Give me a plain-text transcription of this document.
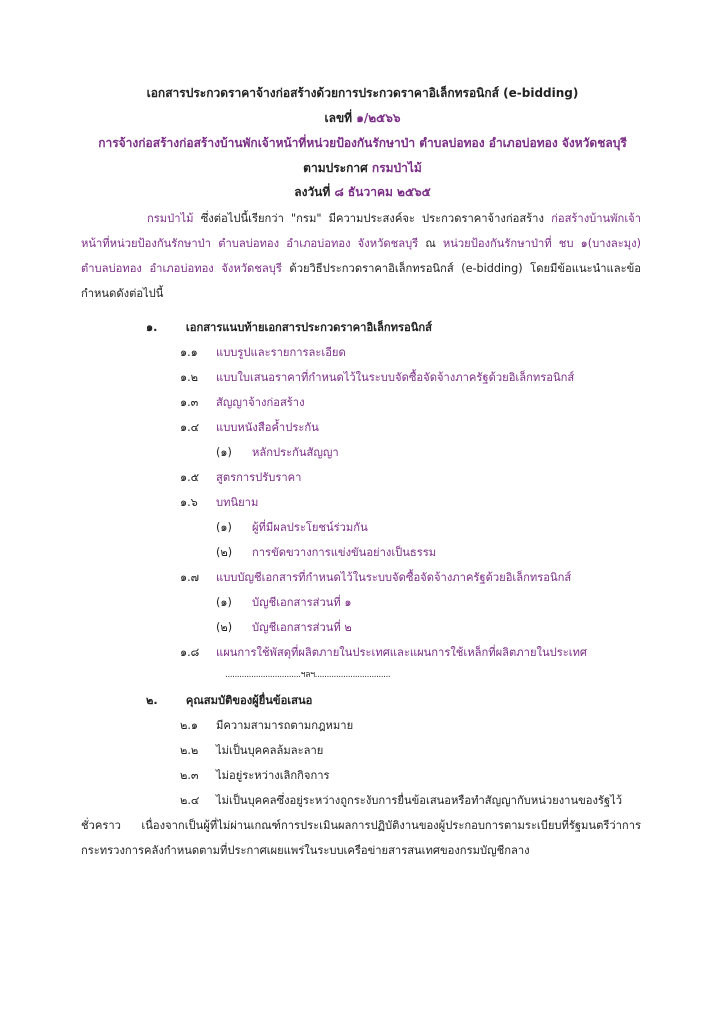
เอกสารประกวดราคาจ้างก่อสร้างด้วยการประกวดราคาอิเล็กทรอนิกส์ (e-bidding)
เลขที่ ๑/๒๕๖๖
การจ้างก่อสร้างก่อสร้างบ้านพักเจ้าหน้าที่หน่วยป้องกันรักษาป่า ตำบลบ่อทอง อำเภอบ่อทอง จังหวัดชลบุรี
ตามประกาศ กรมป่าไม้
ลงวันที่ ๘ ธันวาคม ๒๕๖๕

กรมป่าไม้ ซึ่งต่อไปนี้เรียกว่า "กรม" มีความประสงค์จะ ประกวดราคาจ้างก่อสร้าง ก่อสร้างบ้านพักเจ้าหน้าที่หน่วยป้องกันรักษาป่า ตำบลบ่อทอง อำเภอบ่อทอง จังหวัดชลบุรี ณ หน่วยป้องกันรักษาป่าที่ ชบ ๑(บางละมุง) ตำบลบ่อทอง อำเภอบ่อทอง จังหวัดชลบุรี ด้วยวิธีประกวดราคาอิเล็กทรอนิกส์ (e-bidding) โดยมีข้อแนะนำและข้อกำหนดดังต่อไปนี้

๑.	เอกสารแนบท้ายเอกสารประกวดราคาอิเล็กทรอนิกส์
๑.๑ แบบรูปและรายการละเอียด
๑.๒ แบบใบเสนอราคาที่กำหนดไว้ในระบบจัดซื้อจัดจ้างภาครัฐด้วยอิเล็กทรอนิกส์
๑.๓ สัญญาจ้างก่อสร้าง
๑.๔ แบบหนังสือค้ำประกัน
(๑) หลักประกันสัญญา
๑.๕ สูตรการปรับราคา
๑.๖ บทนิยาม
(๑) ผู้ที่มีผลประโยชน์ร่วมกัน
(๒) การขัดขวางการแข่งขันอย่างเป็นธรรม
๑.๗ แบบบัญชีเอกสารที่กำหนดไว้ในระบบจัดซื้อจัดจ้างภาครัฐด้วยอิเล็กทรอนิกส์
(๑) บัญชีเอกสารส่วนที่ ๑
(๒) บัญชีเอกสารส่วนที่ ๒
๑.๘ แผนการใช้พัสดุที่ผลิตภายในประเทศและแผนการใช้เหล็กที่ผลิตภายในประเทศ
................................ฯลฯ................................
๒.	คุณสมบัติของผู้ยื่นข้อเสนอ
๒.๑ มีความสามารถตามกฎหมาย
๒.๒ ไม่เป็นบุคคลล้มละลาย
๒.๓ ไม่อยู่ระหว่างเลิกกิจการ

๒.๔ ไม่เป็นบุคคลซึ่งอยู่ระหว่างถูกระงับการยื่นข้อเสนอหรือทำสัญญากับหน่วยงานของรัฐไว้ชั่วคราว เนื่องจากเป็นผู้ที่ไม่ผ่านเกณฑ์การประเมินผลการปฏิบัติงานของผู้ประกอบการตามระเบียบที่รัฐมนตรีว่าการกระทรวงการคลังกำหนดตามที่ประกาศเผยแพร่ในระบบเครือข่ายสารสนเทศของกรมบัญชีกลาง
